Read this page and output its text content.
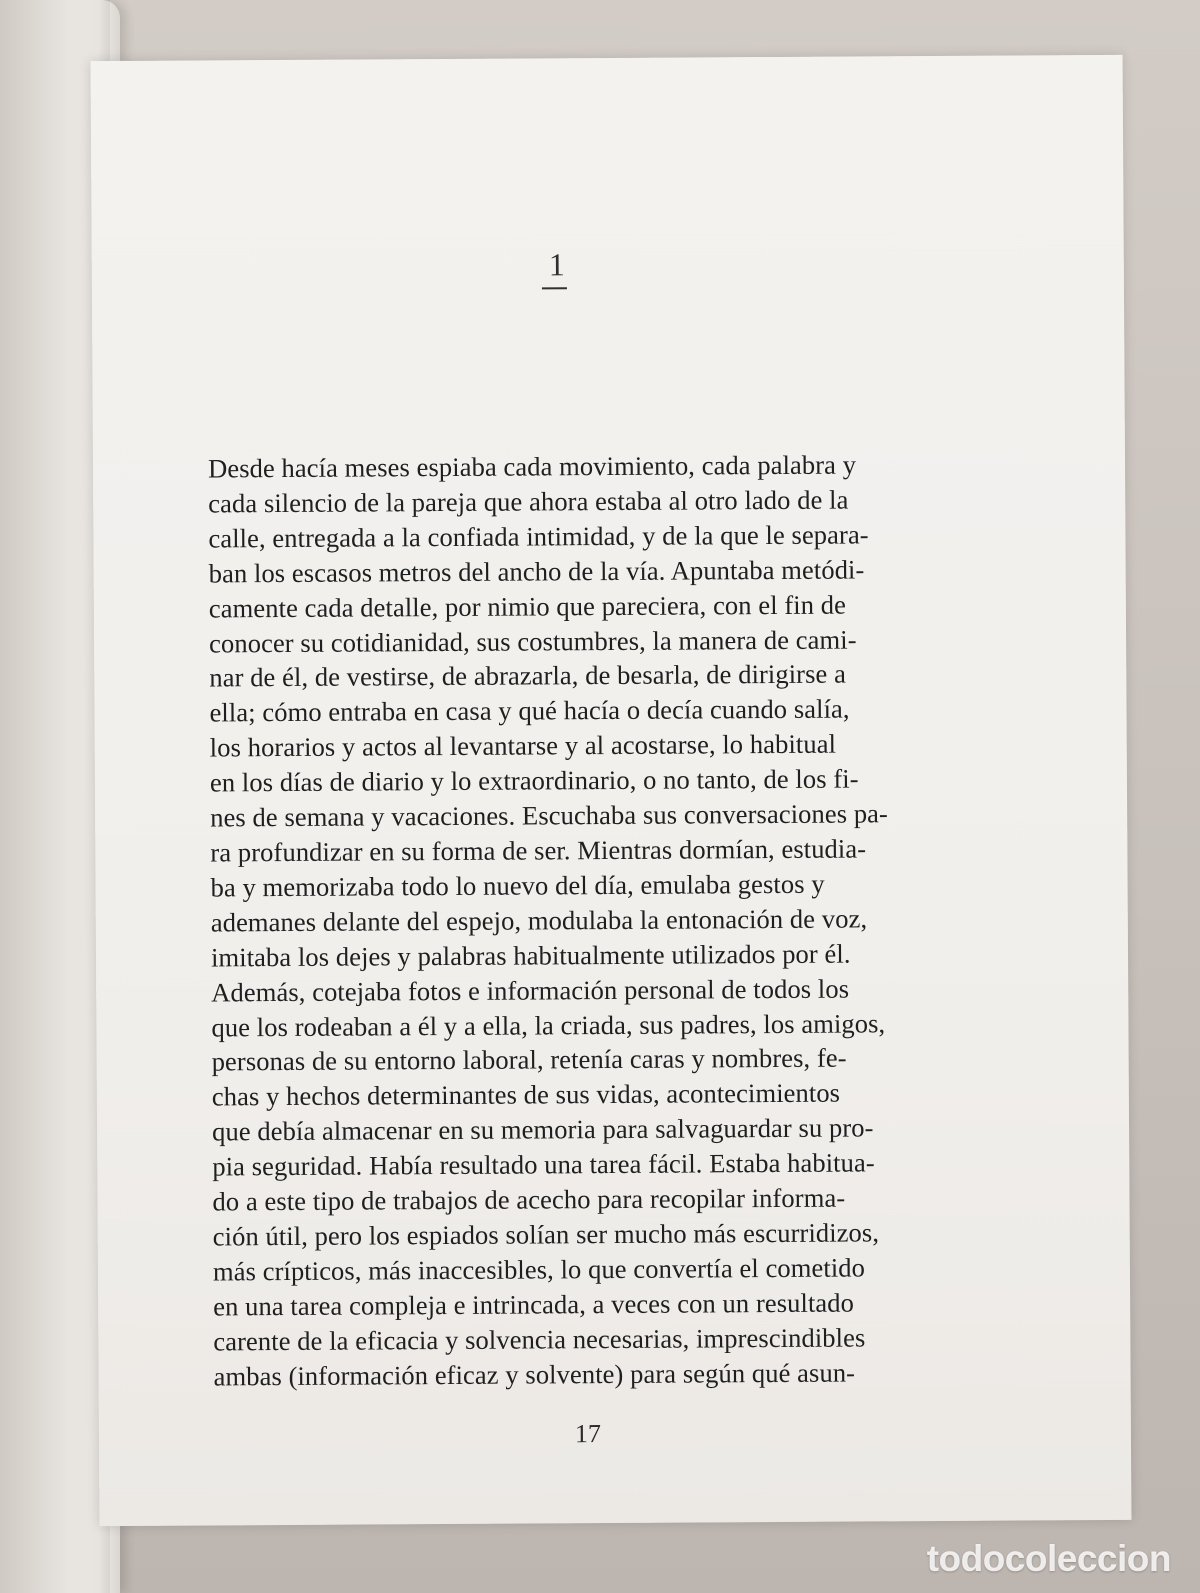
1

Desde hacía meses espiaba cada movimiento, cada palabra y
cada silencio de la pareja que ahora estaba al otro lado de la
calle, entregada a la confiada intimidad, y de la que le separa-
ban los escasos metros del ancho de la vía. Apuntaba metódi-
camente cada detalle, por nimio que pareciera, con el fin de
conocer su cotidianidad, sus costumbres, la manera de cami-
nar de él, de vestirse, de abrazarla, de besarla, de dirigirse a
ella; cómo entraba en casa y qué hacía o decía cuando salía,
los horarios y actos al levantarse y al acostarse, lo habitual
en los días de diario y lo extraordinario, o no tanto, de los fi-
nes de semana y vacaciones. Escuchaba sus conversaciones pa-
ra profundizar en su forma de ser. Mientras dormían, estudia-
ba y memorizaba todo lo nuevo del día, emulaba gestos y
ademanes delante del espejo, modulaba la entonación de voz,
imitaba los dejes y palabras habitualmente utilizados por él.
Además, cotejaba fotos e información personal de todos los
que los rodeaban a él y a ella, la criada, sus padres, los amigos,
personas de su entorno laboral, retenía caras y nombres, fe-
chas y hechos determinantes de sus vidas, acontecimientos
que debía almacenar en su memoria para salvaguardar su pro-
pia seguridad. Había resultado una tarea fácil. Estaba habitua-
do a este tipo de trabajos de acecho para recopilar informa-
ción útil, pero los espiados solían ser mucho más escurridizos,
más crípticos, más inaccesibles, lo que convertía el cometido
en una tarea compleja e intrincada, a veces con un resultado
carente de la eficacia y solvencia necesarias, imprescindibles
ambas (información eficaz y solvente) para según qué asun-

17
todocoleccion
